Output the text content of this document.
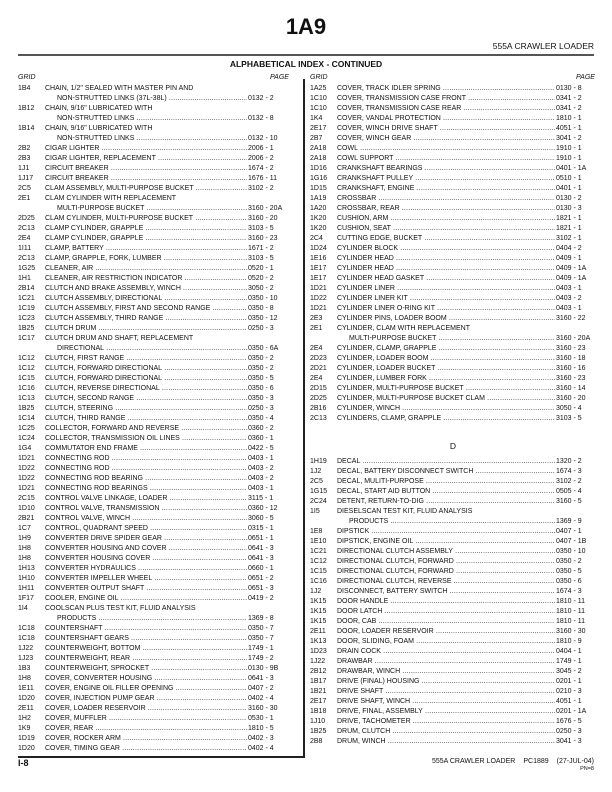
1A9
555A CRAWLER LOADER
ALPHABETICAL INDEX - CONTINUED
GRID	PAGE	GRID	PAGE
1B4	CHAIN, 1/2" SEALED WITH MASTER PIN AND
NON-STRUTTED LINKS (37L-38L) .....	0132 - 2
1B12	CHAIN, 9/16" LUBRICATED WITH
NON-STRUTTED LINKS .....	0132 - 8
1B14	CHAIN, 9/16" LUBRICATED WITH
NON-STRUTTED LINKS .....	0132 - 10
2B2	CIGAR LIGHTER .....	2006 - 1
2B3	CIGAR LIGHTER, REPLACEMENT .....	2006 - 2
1J1	CIRCUIT BREAKER .....	1674 - 2
1J17	CIRCUIT BREAKER .....	1676 - 11
2C5	CLAM ASSEMBLY, MULTI-PURPOSE BUCKET .....	3102 - 2
2E1	CLAM CYLINDER WITH REPLACEMENT
MULTI-PURPOSE BUCKET .....	3160 - 20A
2D25	CLAM CYLINDER, MULTI-PURPOSE BUCKET .....	3160 - 20
2C13	CLAMP CYLINDER, GRAPPLE .....	3103 - 5
2E4	CLAMP CYLINDER, GRAPPLE .....	3160 - 23
1I11	CLAMP, BATTERY .....	1671 - 2
2C13	CLAMP, GRAPPLE, FORK, LUMBER .....	3103 - 5
1G25	CLEANER, AIR .....	0520 - 1
1H1	CLEANER, AIR RESTRICTION INDICATOR .....	0520 - 2
2B14	CLUTCH AND BRAKE ASSEMBLY, WINCH .....	3050 - 2
1C21	CLUTCH ASSEMBLY, DIRECTIONAL .....	0350 - 10
1C19	CLUTCH ASSEMBLY, FIRST AND SECOND RANGE .....	0350 - 8
1C23	CLUTCH ASSEMBLY, THIRD RANGE .....	0350 - 12
1B25	CLUTCH DRUM .....	0250 - 3
1C17	CLUTCH DRUM AND SHAFT, REPLACEMENT
DIRECTIONAL .....	0350 - 6A
1C12	CLUTCH, FIRST RANGE .....	0350 - 2
1C12	CLUTCH, FORWARD DIRECTIONAL .....	0350 - 2
1C15	CLUTCH, FORWARD DIRECTIONAL .....	0350 - 5
1C16	CLUTCH, REVERSE DIRECTIONAL .....	0350 - 6
1C13	CLUTCH, SECOND RANGE .....	0350 - 3
1B25	CLUTCH, STEERING .....	0250 - 3
1C14	CLUTCH, THIRD RANGE .....	0350 - 4
1C25	COLLECTOR, FORWARD AND REVERSE .....	0360 - 2
1C24	COLLECTOR, TRANSMISSION OIL LINES .....	0360 - 1
1G4	COMMUTATOR END FRAME .....	0422 - 5
1D21	CONNECTING ROD .....	0403 - 1
1D22	CONNECTING ROD .....	0403 - 2
1D22	CONNECTING ROD BEARING .....	0403 - 2
1D21	CONNECTING ROD BEARINGS .....	0403 - 1
2C15	CONTROL VALVE LINKAGE, LOADER .....	3115 - 1
1D10	CONTROL VALVE, TRANSMISSION .....	0360 - 12
2B21	CONTROL VALVE, WINCH .....	3060 - 5
1C7	CONTROL, QUADRANT SPEED .....	0315 - 1
1H9	CONVERTER DRIVE SPIDER GEAR .....	0651 - 1
1H8	CONVERTER HOUSING AND COVER .....	0641 - 3
1H8	CONVERTER HOUSING COVER .....	0641 - 3
1H13	CONVERTER HYDRAULICS .....	0660 - 1
1H10	CONVERTER IMPELLER WHEEL .....	0651 - 2
1H11	CONVERTER OUTPUT SHAFT .....	0651 - 3
1F17	COOLER, ENGINE OIL .....	0419 - 2
1I4	COOLSCAN PLUS TEST KIT, FLUID ANALYSIS
PRODUCTS .....	1369 - 8
1C18	COUNTERSHAFT .....	0350 - 7
1C18	COUNTERSHAFT GEARS .....	0350 - 7
1J22	COUNTERWEIGHT, BOTTOM .....	1749 - 1
1J23	COUNTERWEIGHT, REAR .....	1749 - 2
1B3	COUNTERWEIGHT, SPROCKET .....	0130 - 9B
1H8	COVER, CONVERTER HOUSING .....	0641 - 3
1E11	COVER, ENGINE OIL FILLER OPENING .....	0407 - 2
1D20	COVER, INJECTION PUMP GEAR .....	0402 - 4
2E11	COVER, LOADER RESERVOIR .....	3160 - 30
1H2	COVER, MUFFLER .....	0530 - 1
1K9	COVER, REAR .....	1810 - 5
1D19	COVER, ROCKER ARM .....	0402 - 3
1D20	COVER, TIMING GEAR .....	0402 - 4
1A25	COVER, TRACK IDLER SPRING .....	0130 - 8
1C10	COVER, TRANSMISSION CASE FRONT .....	0341 - 2
1C10	COVER, TRANSMISSION CASE REAR .....	0341 - 2
1K4	COVER, VANDAL PROTECTION .....	1810 - 1
2E17	COVER, WINCH DRIVE SHAFT .....	4051 - 1
2B7	COVER, WINCH GEAR .....	3041 - 2
2A18	COWL .....	1910 - 1
2A18	COWL SUPPORT .....	1910 - 1
1D16	CRANKSHAFT BEARINGS .....	0401 - 1A
1G16	CRANKSHAFT PULLEY .....	0510 - 1
1D15	CRANKSHAFT, ENGINE .....	0401 - 1
1A19	CROSSBAR .....	0130 - 2
1A20	CROSSBAR, REAR .....	0130 - 3
1K20	CUSHION, ARM .....	1821 - 1
1K20	CUSHION, SEAT .....	1821 - 1
2C4	CUTTING EDGE, BUCKET .....	3102 - 1
1D24	CYLINDER BLOCK .....	0404 - 2
1E16	CYLINDER HEAD .....	0409 - 1
1E17	CYLINDER HEAD .....	0409 - 1A
1E17	CYLINDER HEAD GASKET .....	0409 - 1A
1D21	CYLINDER LINER .....	0403 - 1
1D22	CYLINDER LINER KIT .....	0403 - 2
1D21	CYLINDER LINER O-RING KIT .....	0403 - 1
2E3	CYLINDER PINS, LOADER BOOM .....	3160 - 22
2E1	CYLINDER, CLAM WITH REPLACEMENT
MULTI-PURPOSE BUCKET .....	3160 - 20A
2E4	CYLINDER, CLAMP, GRAPPLE .....	3160 - 23
2D23	CYLINDER, LOADER BOOM .....	3160 - 18
2D21	CYLINDER, LOADER BUCKET .....	3160 - 16
2E4	CYLINDER, LUMBER FORK .....	3160 - 23
2D15	CYLINDER, MULTI-PURPOSE BUCKET .....	3160 - 14
2D25	CYLINDER, MULTI-PURPOSE BUCKET CLAM .....	3160 - 20
2B16	CYLINDER, WINCH .....	3050 - 4
2C13	CYLINDERS, CLAMP, GRAPPLE .....	3103 - 5
D
1H19	DECAL .....	1320 - 2
1J2	DECAL, BATTERY DISCONNECT SWITCH .....	1674 - 3
2C5	DECAL, MULITI-PURPOSE .....	3102 - 2
1G15	DECAL, START AID BUTTON .....	0505 - 4
2C24	DETENT, RETURN-TO-DIG .....	3160 - 5
1I5	DIESELSCAN TEST KIT, FLUID ANALYSIS
PRODUCTS .....	1369 - 9
1E8	DIPSTICK .....	0407 - 1
1E10	DIPSTICK, ENGINE OIL .....	0407 - 1B
1C21	DIRECTIONAL CLUTCH ASSEMBLY .....	0350 - 10
1C12	DIRECTIONAL CLUTCH, FORWARD .....	0350 - 2
1C15	DIRECTIONAL CLUTCH, FORWARD .....	0350 - 5
1C16	DIRECTIONAL CLUTCH, REVERSE .....	0350 - 6
1J2	DISCONNECT, BATTERY SWITCH .....	1674 - 3
1K15	DOOR HANDLE .....	1810 - 11
1K15	DOOR LATCH .....	1810 - 11
1K15	DOOR, CAB .....	1810 - 11
2E11	DOOR, LOADER RESERVOIR .....	3160 - 30
1K13	DOOR, SLIDING, FOAM .....	1810 - 9
1D23	DRAIN COCK .....	0404 - 1
1J22	DRAWBAR .....	1749 - 1
2B12	DRAWBAR, WINCH .....	3045 - 2
1B17	DRIVE (FINAL) HOUSING .....	0201 - 1
1B21	DRIVE SHAFT .....	0210 - 3
2E17	DRIVE SHAFT, WINCH .....	4051 - 1
1B18	DRIVE, FINAL, ASSEMBLY .....	0201 - 1A
1J10	DRIVE, TACHOMETER .....	1676 - 5
1B25	DRUM, CLUTCH .....	0250 - 3
2B8	DRUM, WINCH .....	3041 - 3
I-8	555A CRAWLER LOADER PC1889 (27-JUL-04)
PN=8
